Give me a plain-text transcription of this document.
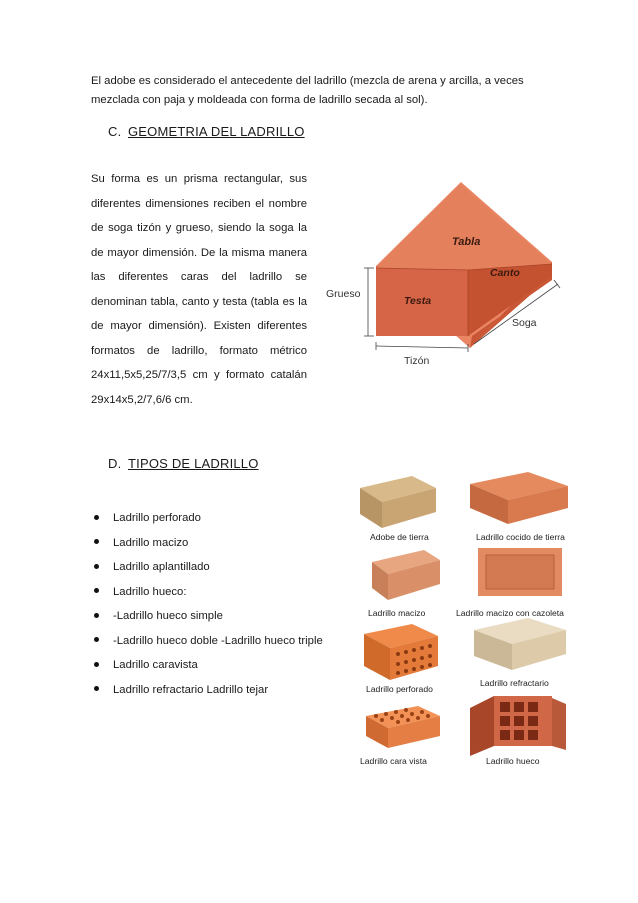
El adobe es considerado el antecedente del ladrillo (mezcla de arena y arcilla, a veces mezclada con paja y moldeada con forma de ladrillo secada al sol).
C. GEOMETRIA DEL LADRILLO
Su forma es un prisma rectangular, sus diferentes dimensiones reciben el nombre de soga tizón y grueso, siendo la soga la de mayor dimensión. De la misma manera las diferentes caras del ladrillo se denominan tabla, canto y testa (tabla es la de mayor dimensión). Existen diferentes formatos de ladrillo, formato métrico 24x11,5x5,25/7/3,5 cm y formato catalán 29x14x5,2/7,6/6 cm.
Tabla
Canto
Testa
Grueso
Soga
Tizón
D. TIPOS DE LADRILLO
Ladrillo perforado
Ladrillo macizo
Ladrillo aplantillado
Ladrillo hueco:
-Ladrillo hueco simple
-Ladrillo hueco doble -Ladrillo hueco triple
Ladrillo caravista
Ladrillo refractario Ladrillo tejar
Adobe de tierra	Ladrillo cocido de tierra
Ladrillo macizo	Ladrillo macizo con cazoleta
Ladrillo perforado
Ladrillo refractario
Ladrillo cara vista	Ladrillo hueco
